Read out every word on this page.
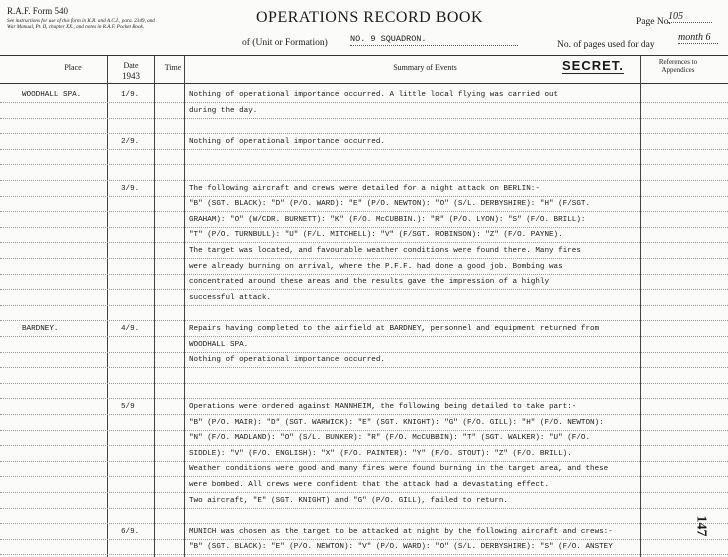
R.A.F. Form 540
See instructions for use of this form in K.R. and A.C.I., para. 2349, and War Manual, Pt. II, chapter XX., and notes in R.A.F. Pocket Book.
OPERATIONS RECORD BOOK
of (Unit or Formation)	NO. 9 SQUADRON.
Page No.
105
No. of pages used for day
month 6
Place	Date
1943
Time	Summary of Events	SECRET.	References to Appendices
WOODHALL SPA.	1/9.	Nothing of operational importance occurred. A little local flying was carried out
during the day.
2/9.	Nothing of operational importance occurred.
3/9.	The following aircraft and crews were detailed for a night attack on BERLIN:-
"B" (SGT. BLACK): "D" (P/O. WARD): "E" (P/O. NEWTON): "O" (S/L. DERBYSHIRE): "H" (F/SGT.
GRAHAM): "O" (W/CDR. BURNETT): "K" (F/O. McCUBBIN.): "R" (P/O. LYON): "S" (F/O. BRILL):
"T" (P/O. TURNBULL): "U" (F/L. MITCHELL): "V" (F/SGT. ROBINSON): "Z" (F/O. PAYNE).
The target was located, and favourable weather conditions were found there. Many fires
were already burning on arrival, where the P.F.F. had done a good job. Bombing was
concentrated around these areas and the results gave the impression of a highly
successful attack.
BARDNEY.	4/9.	Repairs having completed to the airfield at BARDNEY, personnel and equipment returned from
WOODHALL SPA.
Nothing of operational importance occurred.
5/9	Operations were ordered against MANNHEIM, the following being detailed to take part:-
"B" (P/O. MAIR): "D" (SGT. WARWICK): "E" (SGT. KNIGHT): "G" (F/O. GILL): "H" (F/O. NEWTON):
"N" (F/O. MADLAND): "O" (S/L. BUNKER): "R" (F/O. McCUBBIN): "T" (SGT. WALKER): "U" (F/O.
SIDDLE): "V" (F/O. ENGLISH): "X" (F/O. PAINTER): "Y" (F/O. STOUT): "Z" (F/O. BRILL).
Weather conditions were good and many fires were found burning in the target area, and these
were bombed. All crews were confident that the attack had a devastating effect.
Two aircraft, "E" (SGT. KNIGHT) and "G" (P/O. GILL), failed to return.
6/9.	MUNICH was chosen as the target to be attacked at night by the following aircraft and crews:-
"B" (SGT. BLACK): "E" (P/O. NEWTON): "V" (P/O. WARD): "O" (S/L. DERBYSHIRE): "S" (F/O. ANSTEY
147
